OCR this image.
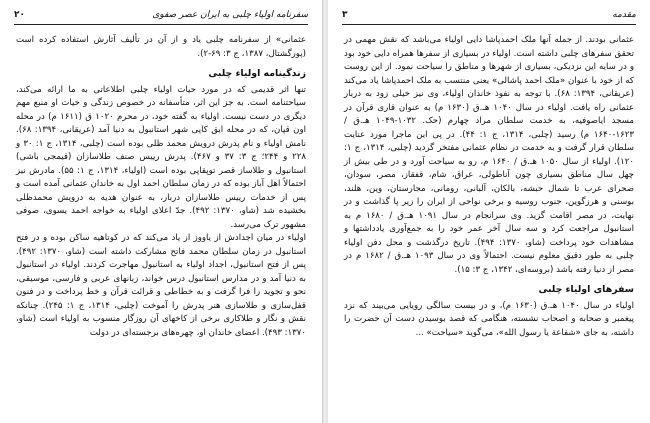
سفرنامه اولیاء چلبی به ایران عصر صفوی
۲۰

عثمانی» از سفرنامه چلبی یاد و از آن در تألیف آثارش استفاده کرده است (پورگشتال، ۱۳۸۷، ج ۳: ۶۹-۲).

زندگینامه اولیاء چلبی

تنها اثر قدیمی که در مورد حیات اولیاء چلبی اطلاعاتی به ما ارائه می‌کند، سیاحتنامه است. به جز این اثر، متأسفانه در خصوص زندگی و حیات او منبع مهم دیگری در دست نیست. اولیاء به گفته خود، در محرم ۱۰۲۰ ق (۱۶۱۱ م) در محله اون قپان، که در محله ایق کاپی شهر استانبول به دنیا آمد (عریقانی، ۱۳۹۴: ۶۸). نامش اولیاء و نام پدرش درویش محمد ظلی بوده است (چلبی، ۱۳۱۴، ج ۱: ۳۰ و ۲۲۸ و ۲۴۴؛ ج ۳: ۳۷ و ۴۶۷). پدرش رییس صنف طلاسازان (قیمجی باشی) استانبول و طلاساز قصر توپقاپی بوده است (اولیاء، ۱۳۱۴، ج ۱: ۵۵). مادرش نیز احتمالاً اهل آباز بوده که در زمان سلطان احمد اول به خاندان عثمانی آمده است و پس از خدمات رییس طلاسازان دربار، به عنوان هدیه به درویش محمدظلی بخشیده شد (شاو، ۱۳۷۰: ۴۹۲). جدّ اعلای اولیاء به خواجه احمد یسوی، صوفی مشهور ترک می‌رسد.

اولیاء در میان اجدادش از یاووز از یاد می‌کند که در کوتاهیه ساکن بوده و در فتح استانبول در زمان سلطان محمد فاتح مشارکت داشته است (شاو، ۱۳۷۰: ۴۹۲). پس از فتح استانبول، اجداد اولیاء به استانبول مهاجرت کردند. اولیاء در استانبول به دنیا آمد و در مدارس استانبول درس خواند، زبانهای عربی و فارسی، موسیقی، نحو و تجوید را فرا گرفت و به خطاطی و قرائت قرآن و خط پرداخت و در فنون قفل‌سازی و طلاسازی هنر پدرش را آموخت (چلبی، ۱۳۱۴، ج ۱: ۲۴۵). چنانکه نقش و نگار و طلاکاری برخی از کاخهای آن روزگار منسوب به اولیاء است (شاو، ۱۳۷۰: ۴۹۳). اعضای خاندان او، چهره‌های برجسته‌ای در دولت

مقدمه
۳

عثمانی بودند. از جمله آنها ملک احمدپاشا دایی اولیاء می‌باشد که نقش مهمی در تحقق سفرهای چلبی داشته است. اولیاء در بسیاری از سفرها همراه دایی خود بود و در سایه این نزدیکی، بسیاری از شهرها و مناطق را سیاحت نمود. از این روست که از خود با عنوان «ملک احمد پاشالی» یعنی منتسب به ملک احمدپاشا یاد می‌کند (عریقانی، ۱۳۹۴: ۶۸). با توجه به نفوذ خاندان اولیاء، وی نیز خیلی زود به دربار عثمانی راه یافت. اولیاء در سال ۱۰۴۰ هـ.ق (۱۶۳۰ م) به عنوان قاری قرآن در مسجد ایاصوفیه، به خدمت سلطان مراد چهارم (حک. ۱۰۳۲-۱۰۴۹ هـ.ق / ۱۶۲۳-۱۶۴۰ م) رسید (چلبی، ۱۳۱۴، ج ۱: ۴۴). در پی این ماجرا مورد عنایت سلطان قرار گرفت و به خدمت در نظام عثمانی مفتخر گردید (چلبی، ۱۳۱۴، ج ۱: ۱۲۰). اولیاء از سال ۱۰۵۰ هـ.ق / ۱۶۴۰ م، رو به سیاحت آورد و در طی بیش از چهل سال مناطق بسیاری چون آناطولی، عراق، شام، قفقاز، مصر، سودان، صحرای عرب تا شمال حبشه، بالکان، آلبانی، رومانی، مجارستان، وین، هلند، بوسنی و هرزگوین، جنوب روسیه و برخی نواحی از ایران را زیر پا گذاشت و در نهایت، در مصر اقامت گزید. وی سرانجام در سال ۱۰۹۱ هـ.ق / ۱۶۸۰ م به استانبول مراجعت کرد و سه سال آخر عمر خود را به جمع‌آوری یادداشتها و مشاهدات خود پرداخت (شاو، ۱۳۷۰: ۴۹۴). تاریخ درگذشت و محل دفن اولیاء چلبی به طور دقیق معلوم نیست. احتمالاً وی در سال ۱۰۹۳ هـ.ق / ۱۶۸۲ م در مصر از دنیا رفته باشد (بروسه‌ای، ۱۳۴۲، ج ۳: ۱۵).

سفرهای اولیاء چلبی

اولیاء در سال ۱۰۴۰ هـ.ق (۱۶۳۰ م)، و در بیست سالگی رویایی می‌بیند که نزد پیغمبر و صحابه و اصحاب نشسته، هنگامی که قصد بوسیدن دست آن حضرت را داشته، به جای «شفاعة یا رسول الله»، می‌گوید «سیاحت» ...
